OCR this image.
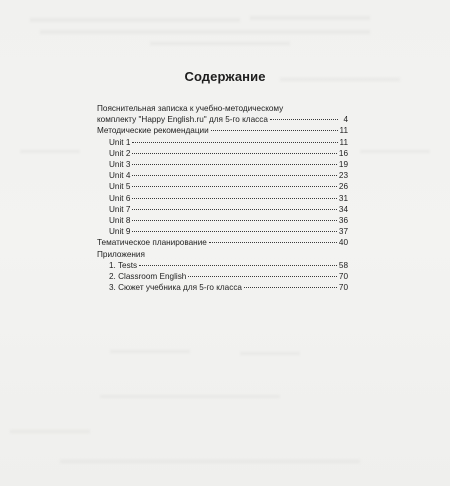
Содержание
Пояснительная записка к учебно-методическому
комплекту "Happy English.ru" для 5-го класса	4
Методические рекомендации	11
Unit 1	11
Unit 2	16
Unit 3	19
Unit 4	23
Unit 5	26
Unit 6	31
Unit 7	34
Unit 8	36
Unit 9	37
Тематическое планирование	40
Приложения
1. Tests	58
2. Classroom English	70
3. Сюжет учебника для 5-го класса	70
